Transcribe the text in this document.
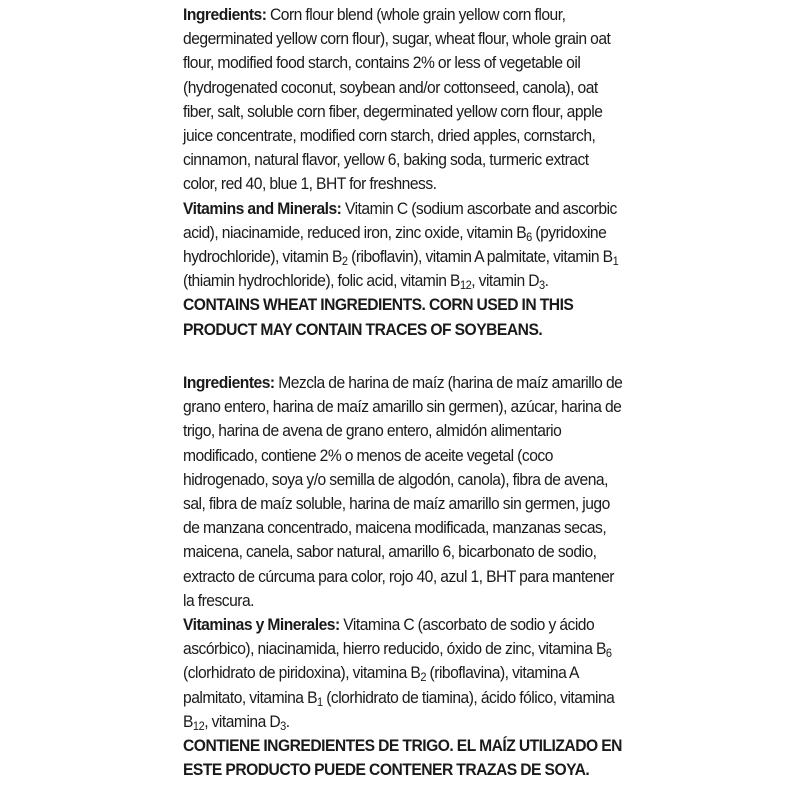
Ingredients: Corn flour blend (whole grain yellow corn flour, degerminated yellow corn flour), sugar, wheat flour, whole grain oat flour, modified food starch, contains 2% or less of vegetable oil (hydrogenated coconut, soybean and/or cottonseed, canola), oat fiber, salt, soluble corn fiber, degerminated yellow corn flour, apple juice concentrate, modified corn starch, dried apples, cornstarch, cinnamon, natural flavor, yellow 6, baking soda, turmeric extract color, red 40, blue 1, BHT for freshness.

Vitamins and Minerals: Vitamin C (sodium ascorbate and ascorbic acid), niacinamide, reduced iron, zinc oxide, vitamin $B_6$ (pyridoxine hydrochloride), vitamin $B_2$ (riboflavin), vitamin A palmitate, vitamin $B_1$ (thiamin hydrochloride), folic acid, vitamin $B_{12}$, vitamin $D_3$.

CONTAINS WHEAT INGREDIENTS. CORN USED IN THIS PRODUCT MAY CONTAIN TRACES OF SOYBEANS.

Ingredientes: Mezcla de harina de maíz (harina de maíz amarillo de grano entero, harina de maíz amarillo sin germen), azúcar, harina de trigo, harina de avena de grano entero, almidón alimentario modificado, contiene 2% o menos de aceite vegetal (coco hidrogenado, soya y/o semilla de algodón, canola), fibra de avena, sal, fibra de maíz soluble, harina de maíz amarillo sin germen, jugo de manzana concentrado, maicena modificada, manzanas secas, maicena, canela, sabor natural, amarillo 6, bicarbonato de sodio, extracto de cúrcuma para color, rojo 40, azul 1, BHT para mantener la frescura.

Vitaminas y Minerales: Vitamina C (ascorbato de sodio y ácido ascórbico), niacinamida, hierro reducido, óxido de zinc, vitamina $B_6$ (clorhidrato de piridoxina), vitamina $B_2$ (riboflavina), vitamina A palmitato, vitamina $B_1$ (clorhidrato de tiamina), ácido fólico, vitamina $B_{12}$, vitamina $D_3$.

CONTIENE INGREDIENTES DE TRIGO. EL MAÍZ UTILIZADO EN ESTE PRODUCTO PUEDE CONTENER TRAZAS DE SOYA.
